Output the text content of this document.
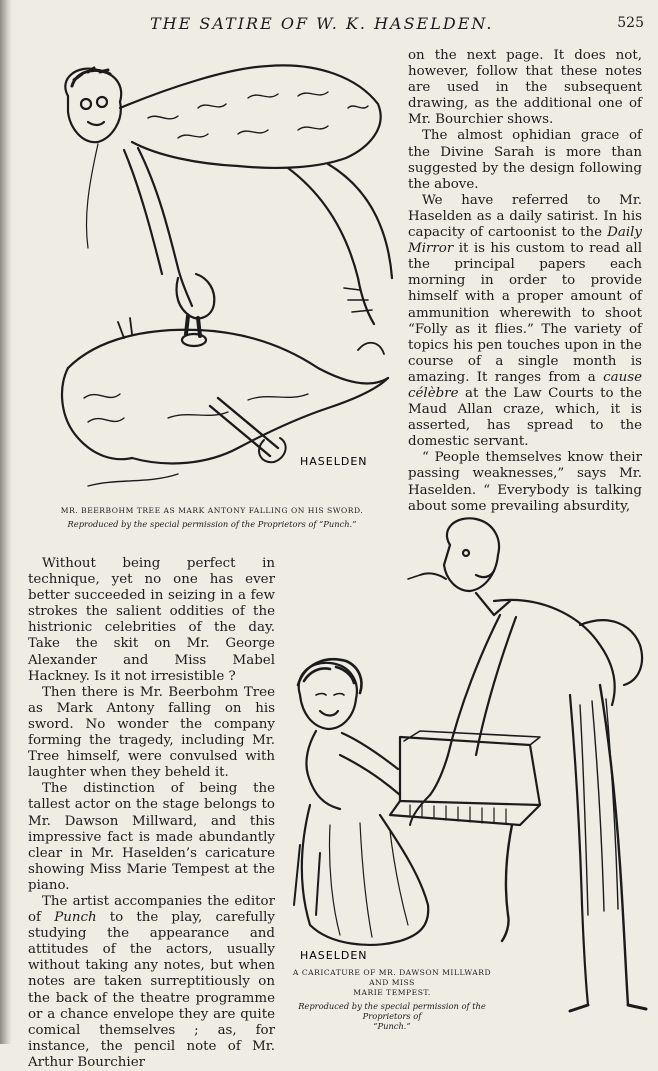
THE SATIRE OF W. K. HASELDEN.	525
HASELDEN
MR. BEERBOHM TREE AS MARK ANTONY FALLING ON HIS SWORD.
Reproduced by the special permission of the Proprietors of “Punch.”

on the next page. It does not, however, follow that these notes are used in the subsequent drawing, as the additional one of Mr. Bourchier shows.

The almost ophidian grace of the Divine Sarah is more than suggested by the design following the above.

We have referred to Mr. Haselden as a daily satirist. In his capacity of cartoonist to the Daily Mirror it is his custom to read all the principal papers each morning in order to provide himself with a proper amount of ammunition wherewith to shoot “Folly as it flies.” The variety of topics his pen touches upon in the course of a single month is amazing. It ranges from a cause célèbre at the Law Courts to the Maud Allan craze, which, it is asserted, has spread to the domestic servant.

“ People themselves know their passing weaknesses,” says Mr. Haselden. “ Everybody is talking about some prevailing absurdity,

Without being perfect in technique, yet no one has ever better succeeded in seizing in a few strokes the salient oddities of the histrionic celebrities of the day. Take the skit on Mr. George Alexander and Miss Mabel Hackney. Is it not irresistible ?

Then there is Mr. Beerbohm Tree as Mark Antony falling on his sword. No wonder the company forming the tragedy, including Mr. Tree himself, were convulsed with laughter when they beheld it.

The distinction of being the tallest actor on the stage belongs to Mr. Dawson Millward, and this impressive fact is made abundantly clear in Mr. Haselden’s caricature showing Miss Marie Tempest at the piano.

The artist accompanies the editor of Punch to the play, carefully studying the appearance and attitudes of the actors, usually without taking any notes, but when notes are taken surreptitiously on the back of the theatre programme or a chance envelope they are quite comical themselves ; as, for instance, the pencil note of Mr. Arthur Bourchier

HASELDEN
A CARICATURE OF MR. DAWSON MILLWARD AND MISS
MARIE TEMPEST.
Reproduced by the special permission of the Proprietors of
“Punch.”
